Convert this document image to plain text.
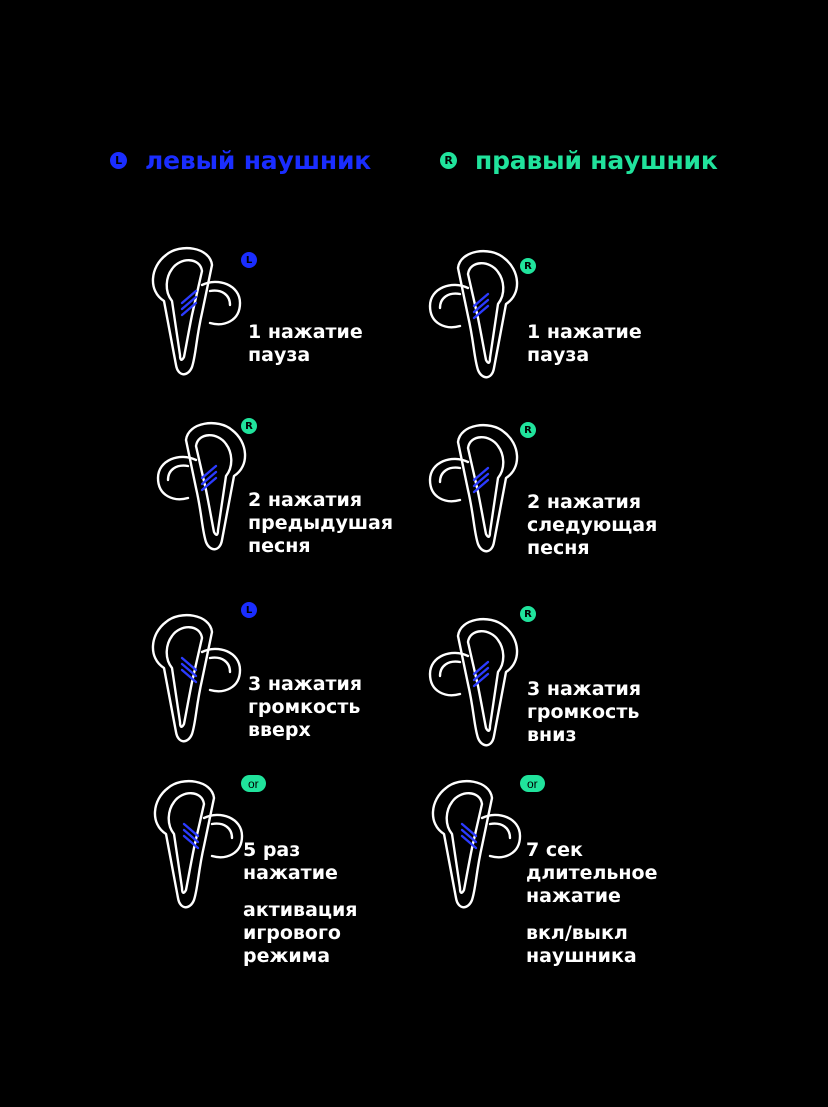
L левый наушник	R правый наушник
L
1 нажатие
пауза
R
2 нажатия
предыдушая
песня
L
3 нажатия
громкость
вверх
L or R
5 раз
нажатие
активация
игрового
режима
R
1 нажатие
пауза
R
2 нажатия
следующая
песня
R
3 нажатия
громкость
вниз
L or R
7 сек
длительное
нажатие
вкл/выкл
наушника
